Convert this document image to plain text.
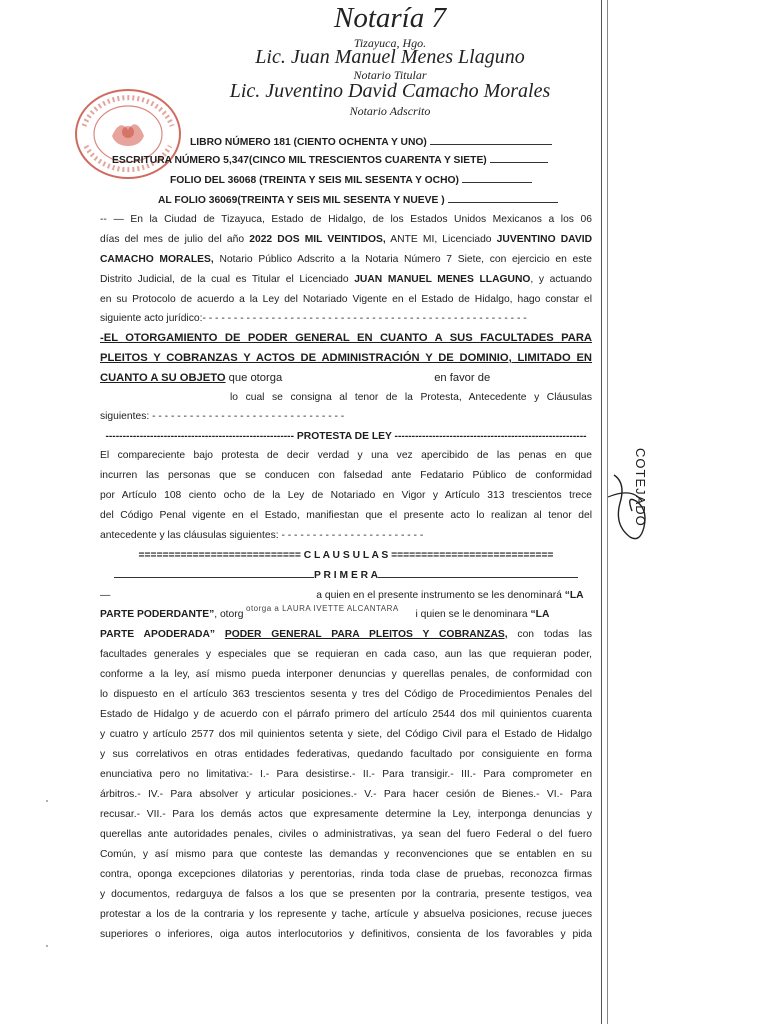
Notaría 7
Tizayuca, Hgo.
Lic. Juan Manuel Menes Llaguno
Notario Titular
Lic. Juventino David Camacho Morales
Notario Adscrito
LIBRO NÚMERO 181 (CIENTO OCHENTA Y UNO)
ESCRITURA NÚMERO 5,347(CINCO MIL TRESCIENTOS CUARENTA Y SIETE)
FOLIO DEL 36068 (TREINTA Y SEIS MIL SESENTA Y OCHO)
AL FOLIO 36069(TREINTA Y SEIS MIL SESENTA Y NUEVE )
-- — En la Ciudad de Tizayuca, Estado de Hidalgo, de los Estados Unidos Mexicanos a los 06
días del mes de julio del año 2022 DOS MIL VEINTIDOS, ANTE MI, Licenciado JUVENTINO DAVID
CAMACHO MORALES, Notario Público Adscrito a la Notaria Número 7 Siete, con ejercicio en este
Distrito Judicial, de la cual es Titular el Licenciado JUAN MANUEL MENES LLAGUNO, y actuando
en su Protocolo de acuerdo a la Ley del Notariado Vigente en el Estado de Hidalgo, hago constar el
siguiente acto jurídico:- - - - - - - - - - - - - - - - - - - - - - - - - - - - - - - - - - - - - - - - - - - - - - - - - - - -
-EL OTORGAMIENTO DE PODER GENERAL EN CUANTO A SUS FACULTADES PARA
PLEITOS Y COBRANZAS Y ACTOS DE ADMINISTRACIÓN Y DE DOMINIO, LIMITADO EN
CUANTO A SU OBJETO que otorga	en favor de
lo cual se consigna al tenor de la Protesta, Antecedente y Cláusulas
siguientes: - - - - - - - - - - - - - - - - - - - - - - - - - - - - - - -
------------------------------------------------------- PROTESTA DE LEY --------------------------------------------------------
El compareciente bajo protesta de decir verdad y una vez apercibido de las penas en que
incurren las personas que se conducen con falsedad ante Fedatario Público de conformidad
por Artículo 108 ciento ocho de la Ley de Notariado en Vigor y Artículo 313 trescientos trece
del Código Penal vigente en el Estado, manifiestan que el presente acto lo realizan al tenor del
antecedente y las cláusulas siguientes: - - - - - - - - - - - - - - - - - - - - - - -
=========================== C L A U S U L A S ===========================
P R I M E R A
—	a quien en el presente instrumento se les denominará “LA
PARTE PODERDANTE”, otorg	i quien se le denominara “LA
otorga a LAURA IVETTE ALCANTARA
PARTE APODERADA” PODER GENERAL PARA PLEITOS Y COBRANZAS, con todas las
facultades generales y especiales que se requieran en cada caso, aun las que requieran poder,
conforme a la ley, así mismo pueda interponer denuncias y querellas penales, de conformidad con
lo dispuesto en el artículo 363 trescientos sesenta y tres del Código de Procedimientos Penales del
Estado de Hidalgo y de acuerdo con el párrafo primero del artículo 2544 dos mil quinientos cuarenta
y cuatro y artículo 2577 dos mil quinientos setenta y siete, del Código Civil para el Estado de Hidalgo
y sus correlativos en otras entidades federativas, quedando facultado por consiguiente en forma
enunciativa pero no limitativa:- I.- Para desistirse.- II.- Para transigir.- III.- Para comprometer en
árbitros.- IV.- Para absolver y articular posiciones.- V.- Para hacer cesión de Bienes.- VI.- Para
recusar.- VII.- Para los demás actos que expresamente determine la Ley, interponga denuncias y
querellas ante autoridades penales, civiles o administrativas, ya sean del fuero Federal o del fuero
Común, y así mismo para que conteste las demandas y reconvenciones que se entablen en su
contra, oponga excepciones dilatorias y perentorias, rinda toda clase de pruebas, reconozca firmas
y documentos, redarguya de falsos a los que se presenten por la contraria, presente testigos, vea
protestar a los de la contraria y los represente y tache, artícule y absuelva posiciones, recuse jueces
superiores o inferiores, oiga autos interlocutorios y definitivos, consienta de los favorables y pida
COTEJADO
